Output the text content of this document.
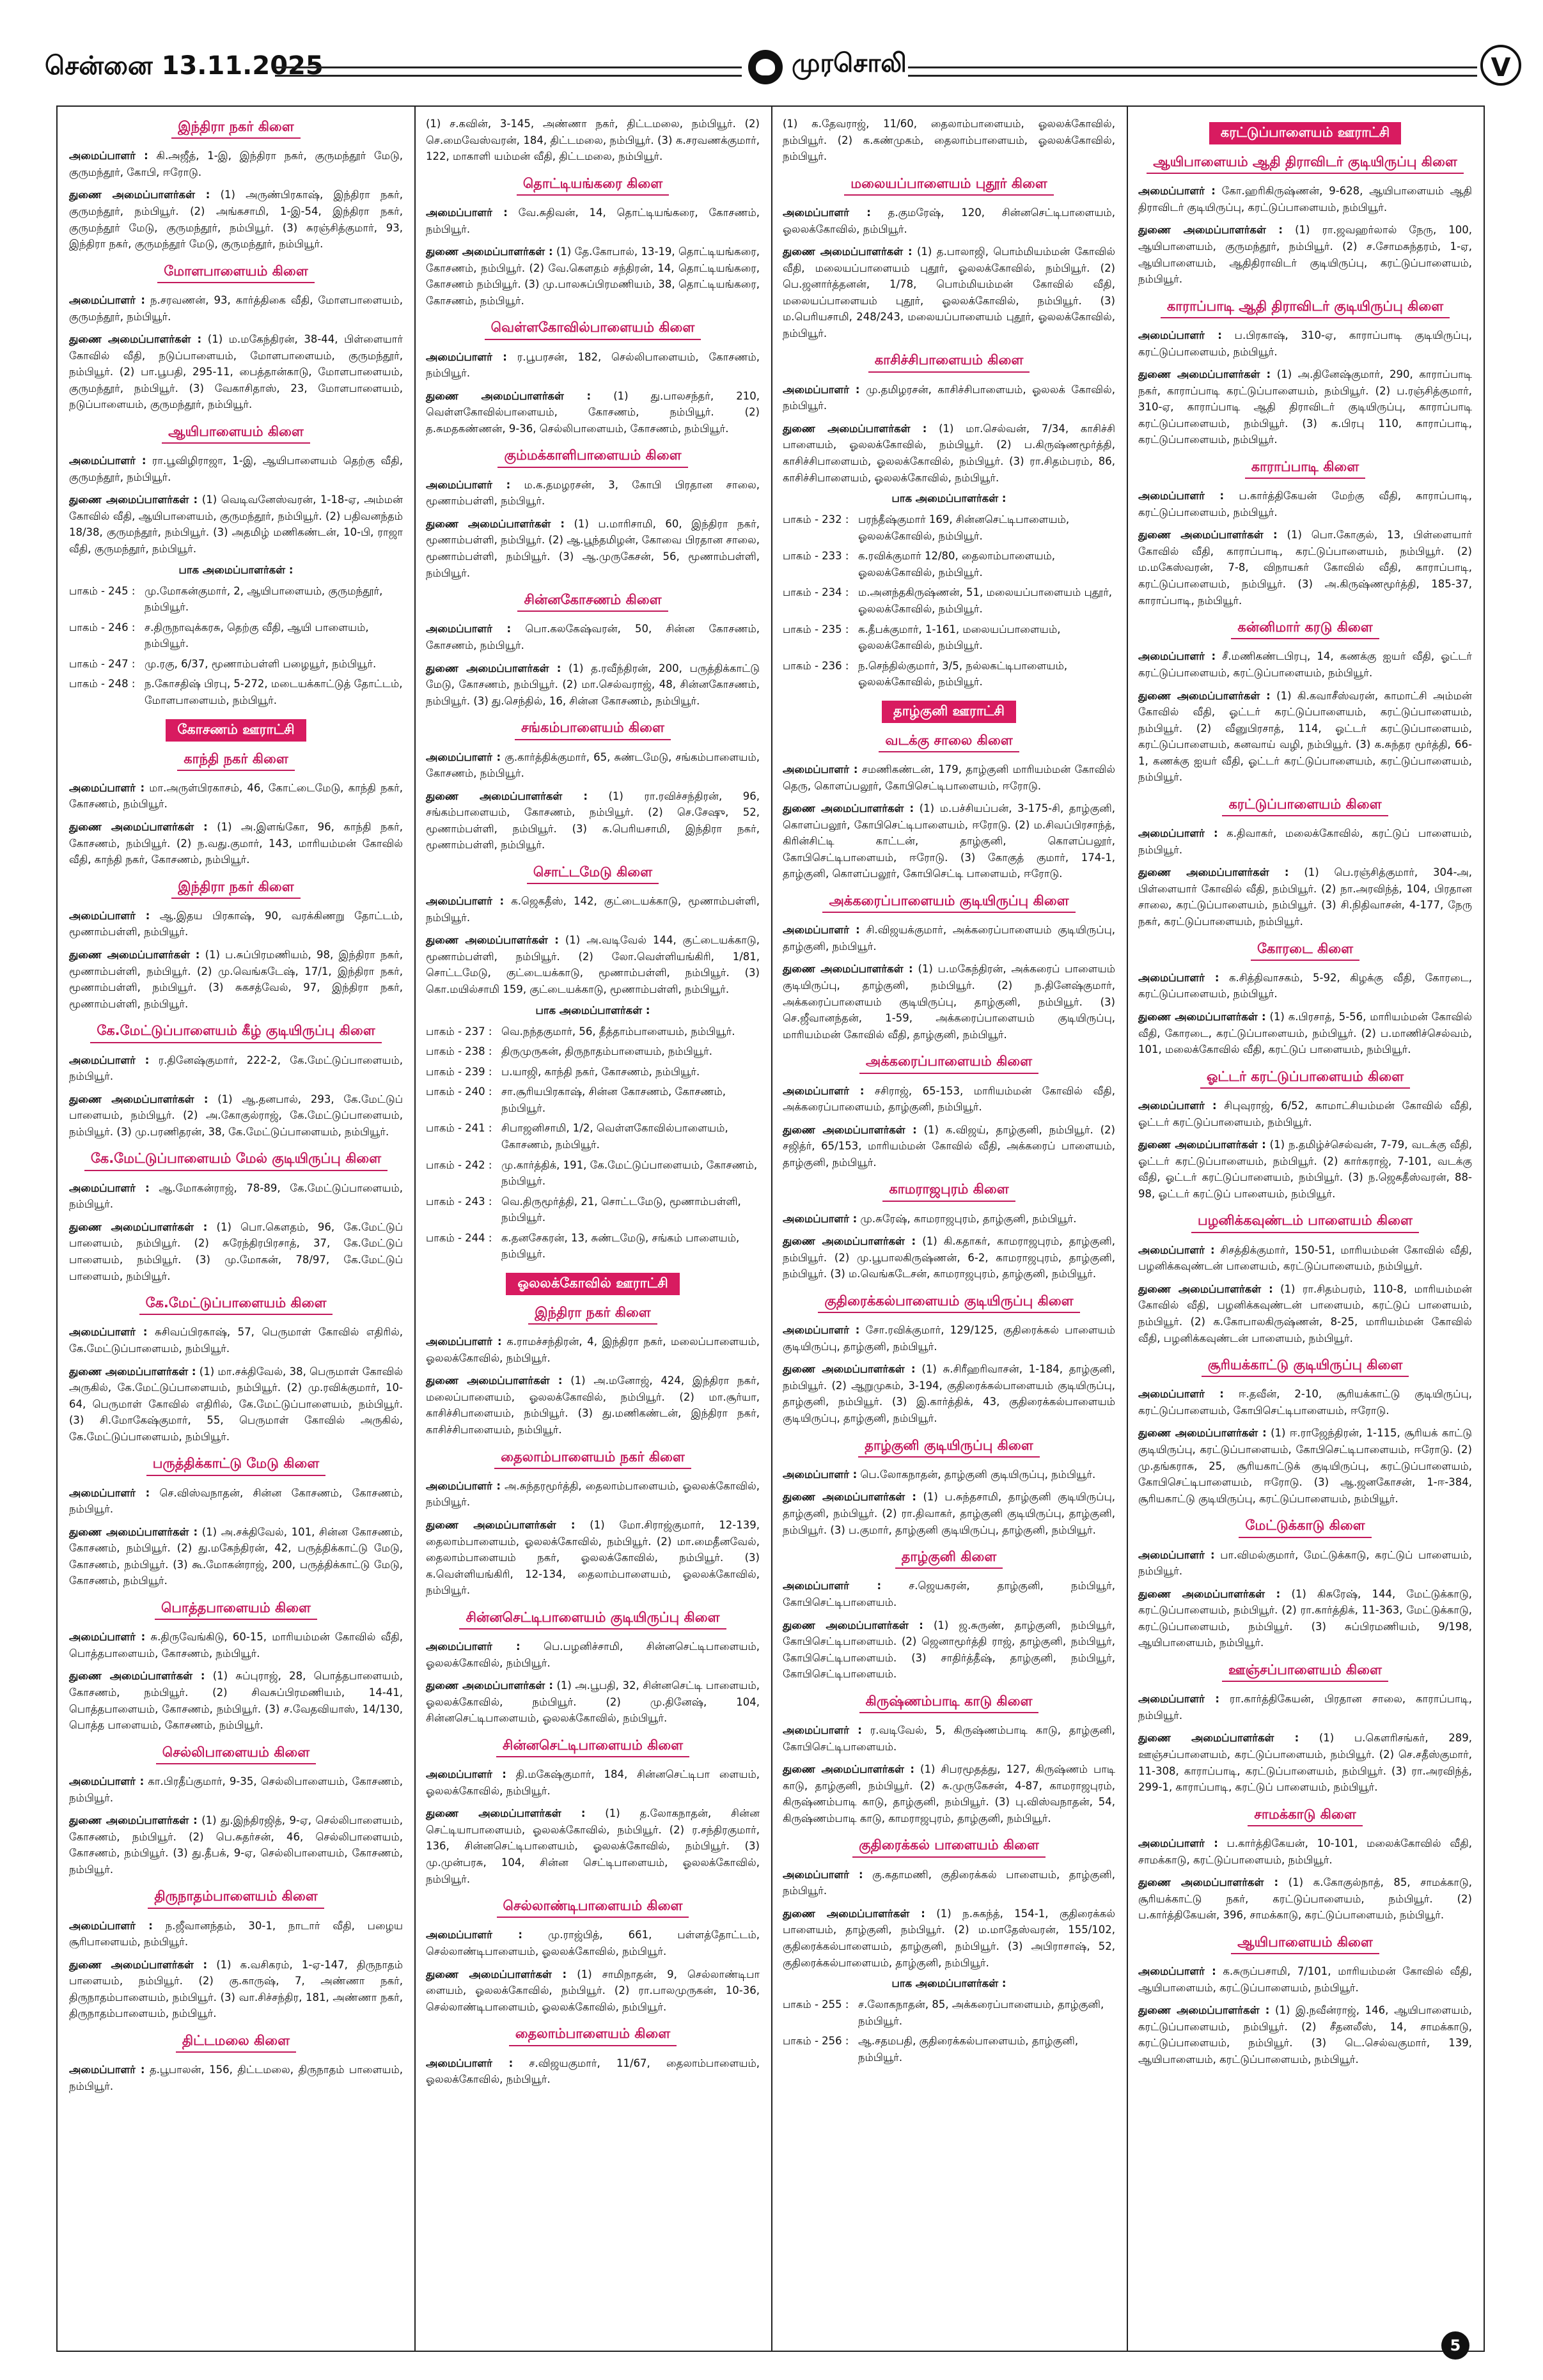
சென்னை 13.11.2025	முரசொலி	V
இந்திரா நகர் கிளை

அமைப்பாளர் : கி.அஜீத், 1-இ, இந்திரா நகர், குருமந்தூர் மேடு, குருமந்தூர், கோபி, ஈரோடு.

துணை அமைப்பாளர்கள் : (1) அருண்பிரகாஷ், இந்திரா நகர், குருமந்தூர், நம்பியூர். (2) அங்கசாமி, 1-இ-54, இந்திரா நகர், குருமந்தூர் மேடு, குருமந்தூர், நம்பியூர். (3) சுரஞ்சித்குமார், 93, இந்திரா நகர், குருமந்தூர் மேடு, குருமந்தூர், நம்பியூர்.

மோளபாளையம் கிளை

அமைப்பாளர் : ந.சரவணன், 93, கார்த்திகை வீதி, மோளபாளையம், குருமந்தூர், நம்பியூர்.

துணை அமைப்பாளர்கள் : (1) ம.மகேந்திரன், 38-44, பிள்ளையார் கோவில் வீதி, நடுப்பாளையம், மோளபாளையம், குருமந்தூர், நம்பியூர். (2) பா.பூபதி, 295-11, பைத்தான்காடு, மோளபாளையம், குருமந்தூர், நம்பியூர். (3) வேகாசிதாஸ், 23, மோளபாளையம், நடுப்பாளையம், குருமந்தூர், நம்பியூர்.

ஆயிபாளையம் கிளை

அமைப்பாளர் : ரா.பூவிழிராஜா, 1-இ, ஆயிபாளையம் தெற்கு வீதி, குருமந்தூர், நம்பியூர்.

துணை அமைப்பாளர்கள் : (1) வெடிவனேஸ்வரன், 1-18-ஏ, அம்மன் கோவில் வீதி, ஆயிபாளையம், குருமந்தூர், நம்பியூர். (2) பதிவனந்தம் 18/38, குருமந்தூர், நம்பியூர். (3) அதமிழ் மணிகண்டன், 10-பி, ராஜா வீதி, குருமந்தூர், நம்பியூர்.

பாக அமைப்பாளர்கள் :
பாகம் - 245 : மு.மோகன்குமார், 2, ஆயிபாளையம், குருமந்தூர், நம்பியூர்.
பாகம் - 246 : ச.திருநாவுக்கரசு, தெற்கு வீதி, ஆயி பாளையம், நம்பியூர்.
பாகம் - 247 : மு.ரகு, 6/37, மூணாம்பள்ளி பழையூர், நம்பியூர்.
பாகம் - 248 : ந.கோசதிஷ் பிரபு, 5-272, மடையக்காட்டுத் தோட்டம், மோளபாளையம், நம்பியூர்.
கோசணம் ஊராட்சி
காந்தி நகர் கிளை

அமைப்பாளர் : மா.அருள்பிரகாசம், 46, கோட்டைமேடு, காந்தி நகர், கோசணம், நம்பியூர்.

துணை அமைப்பாளர்கள் : (1) அ.இளங்கோ, 96, காந்தி நகர், கோசணம், நம்பியூர். (2) ந.வது.குமார், 143, மாரியம்மன் கோவில் வீதி, காந்தி நகர், கோசணம், நம்பியூர்.

இந்திரா நகர் கிளை

அமைப்பாளர் : ஆ.இதய பிரகாஷ், 90, வரக்கிணறு தோட்டம், மூணாம்பள்ளி, நம்பியூர்.

துணை அமைப்பாளர்கள் : (1) ப.சுப்பிரமணியம், 98, இந்திரா நகர், மூணாம்பள்ளி, நம்பியூர். (2) மு.வெங்கடேஷ், 17/1, இந்திரா நகர், மூணாம்பள்ளி, நம்பியூர். (3) சுகசத்வேல், 97, இந்திரா நகர், மூணாம்பள்ளி, நம்பியூர்.

கே.மேட்டுப்பாளையம் கீழ் குடியிருப்பு கிளை

அமைப்பாளர் : ர.தினேஷ்குமார், 222-2, கே.மேட்டுப்பாளையம், நம்பியூர்.

துணை அமைப்பாளர்கள் : (1) ஆ.தனபால், 293, கே.மேட்டுப் பாளையம், நம்பியூர். (2) அ.கோகுல்ராஜ், கே.மேட்டுப்பாளையம், நம்பியூர். (3) மு.பரணிதரன், 38, கே.மேட்டுப்பாளையம், நம்பியூர்.

கே.மேட்டுப்பாளையம் மேல் குடியிருப்பு கிளை

அமைப்பாளர் : ஆ.மோகன்ராஜ், 78-89, கே.மேட்டுப்பாளையம், நம்பியூர்.

துணை அமைப்பாளர்கள் : (1) பொ.கௌதம், 96, கே.மேட்டுப் பாளையம், நம்பியூர். (2) சுரேந்திரபிரசாத், 37, கே.மேட்டுப் பாளையம், நம்பியூர். (3) மு.மோகன், 78/97, கே.மேட்டுப் பாளையம், நம்பியூர்.

கே.மேட்டுப்பாளையம் கிளை

அமைப்பாளர் : சுசிவப்பிரகாஷ், 57, பெருமாள் கோவில் எதிரில், கே.மேட்டுப்பாளையம், நம்பியூர்.

துணை அமைப்பாளர்கள் : (1) மா.சக்திவேல், 38, பெருமாள் கோவில் அருகில், கே.மேட்டுப்பாளையம், நம்பியூர். (2) மு.ரவிக்குமார், 10-64, பெருமாள் கோவில் எதிரில், கே.மேட்டுப்பாளையம், நம்பியூர். (3) சி.மோகேஷ்குமார், 55, பெருமாள் கோவில் அருகில், கே.மேட்டுப்பாளையம், நம்பியூர்.

பருத்திக்காட்டு மேடு கிளை

அமைப்பாளர் : செ.விஸ்வநாதன், சின்ன கோசணம், கோசணம், நம்பியூர்.

துணை அமைப்பாளர்கள் : (1) அ.சக்திவேல், 101, சின்ன கோசணம், கோசணம், நம்பியூர். (2) து.மகேந்திரன், 42, பருத்திக்காட்டு மேடு, கோசணம், நம்பியூர். (3) கூ.மோகன்ராஜ், 200, பருத்திக்காட்டு மேடு, கோசணம், நம்பியூர்.

பொத்தபாளையம் கிளை

அமைப்பாளர் : சு.திருவேங்கிடு, 60-15, மாரியம்மன் கோவில் வீதி, பொத்தபாளையம், கோசணம், நம்பியூர்.

துணை அமைப்பாளர்கள் : (1) சுப்புராஜ், 28, பொத்தபாளையம், கோசணம், நம்பியூர். (2) சிவசுப்பிரமணியம், 14-41, பொத்தபாளையம், கோசணம், நம்பியூர். (3) ச.வேதவியாஸ், 14/130, பொத்த பாளையம், கோசணம், நம்பியூர்.

செல்லிபாளையம் கிளை

அமைப்பாளர் : கா.பிரதீப்குமார், 9-35, செல்லிபாளையம், கோசணம், நம்பியூர்.

துணை அமைப்பாளர்கள் : (1) து.இந்திரஜித், 9-ஏ, செல்லிபாளையம், கோசணம், நம்பியூர். (2) பெ.சுதர்சன், 46, செல்லிபாளையம், கோசணம், நம்பியூர். (3) து.தீபக், 9-ஏ, செல்லிபாளையம், கோசணம், நம்பியூர்.

திருநாதம்பாளையம் கிளை

அமைப்பாளர் : ந.ஜீவானந்தம், 30-1, நாடார் வீதி, பழைய சூரிபாளையம், நம்பியூர்.

துணை அமைப்பாளர்கள் : (1) க.வசிகரம், 1-ஏ-147, திருநாதம் பாளையம், நம்பியூர். (2) கு.காருஷ், 7, அண்ணா நகர், திருநாதம்பாளையம், நம்பியூர். (3) வா.சிச்சந்திர, 181, அண்ணா நகர், திருநாதம்பாளையம், நம்பியூர்.

திட்டமலை கிளை

அமைப்பாளர் : த.பூபாலன், 156, திட்டமலை, திருநாதம் பாளையம், நம்பியூர்.

(1) ச.கவின், 3-145, அண்ணா நகர், திட்டமலை, நம்பியூர். (2) செ.மைவேஸ்வரன், 184, திட்டமலை, நம்பியூர். (3) க.சரவணக்குமார், 122, மாகாளி யம்மன் வீதி, திட்டமலை, நம்பியூர்.

தொட்டியங்கரை கிளை

அமைப்பாளர் : வே.சுதிவன், 14, தொட்டியங்கரை, கோசணம், நம்பியூர்.

துணை அமைப்பாளர்கள் : (1) தே.கோபால், 13-19, தொட்டியங்கரை, கோசணம், நம்பியூர். (2) வே.கௌதம் சந்திரன், 14, தொட்டியங்கரை, கோசணம் நம்பியூர். (3) மு.பாலசுப்பிரமணியம், 38, தொட்டியங்கரை, கோசணம், நம்பியூர்.

வெள்ளகோவில்பாளையம் கிளை

அமைப்பாளர் : ர.பூபரசன், 182, செல்லிபாளையம், கோசணம், நம்பியூர்.

துணை அமைப்பாளர்கள் : (1) து.பாலசந்தர், 210, வெள்ளகோவில்பாளையம், கோசணம், நம்பியூர். (2) த.சுமதகண்ணன், 9-36, செல்லிபாளையம், கோசணம், நம்பியூர்.

கும்மக்காளிபாளையம் கிளை

அமைப்பாளர் : ம.க.தமழரசன், 3, கோபி பிரதான சாலை, மூணாம்பள்ளி, நம்பியூர்.

துணை அமைப்பாளர்கள் : (1) ப.மாரிசாமி, 60, இந்திரா நகர், மூணாம்பள்ளி, நம்பியூர். (2) ஆ.பூந்தமிழன், கோவை பிரதான சாலை, மூணாம்பள்ளி, நம்பியூர். (3) ஆ.முருகேசன், 56, மூணாம்பள்ளி, நம்பியூர்.

சின்னகோசணம் கிளை

அமைப்பாளர் : பொ.கலகேஷ்வரன், 50, சின்ன கோசணம், கோசணம், நம்பியூர்.

துணை அமைப்பாளர்கள் : (1) த.ரவீந்திரன், 200, பருத்திக்காட்டு மேடு, கோசணம், நம்பியூர். (2) மா.செல்வராஜ், 48, சின்னகோசணம், நம்பியூர். (3) து.செந்தில், 16, சின்ன கோசணம், நம்பியூர்.

சங்கம்பாளையம் கிளை

அமைப்பாளர் : கு.கார்த்திக்குமார், 65, சுண்டமேடு, சங்கம்பாளையம், கோசணம், நம்பியூர்.

துணை அமைப்பாளர்கள் : (1) ரா.ரவிச்சந்திரன், 96, சங்கம்பாளையம், கோசணம், நம்பியூர். (2) செ.சேஷு, 52, மூணாம்பள்ளி, நம்பியூர். (3) க.பெரியசாமி, இந்திரா நகர், மூணாம்பள்ளி, நம்பியூர்.

சொட்டமேடு கிளை

அமைப்பாளர் : க.ஜெகதீஸ், 142, குட்டையக்காடு, மூணாம்பள்ளி, நம்பியூர்.

துணை அமைப்பாளர்கள் : (1) அ.வடிவேல் 144, குட்டையக்காடு, மூணாம்பள்ளி, நம்பியூர். (2) லோ.வெள்ளியங்கிரி, 1/81, சொட்டமேடு, குட்டையக்காடு, மூணாம்பள்ளி, நம்பியூர். (3) கொ.மயில்சாமி 159, குட்டையக்காடு, மூணாம்பள்ளி, நம்பியூர்.

பாக அமைப்பாளர்கள் :
பாகம் - 237 : வெ.நந்தகுமார், 56, தீத்தாம்பாளையம், நம்பியூர்.
பாகம் - 238 : திருமுருகன், திருநாதம்பாளையம், நம்பியூர்.
பாகம் - 239 : ப.யாஜி, காந்தி நகர், கோசணம், நம்பியூர்.
பாகம் - 240 : சா.சூரியபிரகாஷ், சின்ன கோசணம், கோசணம், நம்பியூர்.
பாகம் - 241 : சிபாஜனிசாமி, 1/2, வெள்ளகோவில்பாளையம், கோசணம், நம்பியூர்.
பாகம் - 242 : மு.கார்த்திக், 191, கே.மேட்டுப்பாளையம், கோசணம், நம்பியூர்.
பாகம் - 243 : வெ.திருமூர்த்தி, 21, சொட்டமேடு, மூணாம்பள்ளி, நம்பியூர்.
பாகம் - 244 : க.தனசேகரன், 13, சுண்டமேடு, சங்கம் பாளையம், நம்பியூர்.
ஓலலக்கோவில் ஊராட்சி
இந்திரா நகர் கிளை

அமைப்பாளர் : க.ராமச்சந்திரன், 4, இந்திரா நகர், மலைப்பாளையம், ஓலலக்கோவில், நம்பியூர்.

துணை அமைப்பாளர்கள் : (1) அ.மனோஜ், 424, இந்திரா நகர், மலைப்பாளையம், ஓலலக்கோவில், நம்பியூர். (2) மா.சூர்யா, காசிச்சிபாளையம், நம்பியூர். (3) து.மணிகண்டன், இந்திரா நகர், காசிச்சிபாளையம், நம்பியூர்.

தைலாம்பாளையம் நகர் கிளை

அமைப்பாளர் : அ.சுந்தரமூர்த்தி, தைலாம்பாளையம், ஓலலக்கோவில், நம்பியூர்.

துணை அமைப்பாளர்கள் : (1) மோ.சிராஜ்குமார், 12-139, தைலாம்பாளையம், ஓலலக்கோவில், நம்பியூர். (2) மா.மைதீனவேல், தைலாம்பாளையம் நகர், ஓலலக்கோவில், நம்பியூர். (3) க.வெள்ளியங்கிரி, 12-134, தைலாம்பாளையம், ஓலலக்கோவில், நம்பியூர்.

சின்னசெட்டிபாளையம் குடியிருப்பு கிளை

அமைப்பாளர் : பெ.பழனிச்சாமி, சின்னசெட்டிபாளையம், ஓலலக்கோவில், நம்பியூர்.

துணை அமைப்பாளர்கள் : (1) அ.பூபதி, 32, சின்னசெட்டி பாளையம், ஓலலக்கோவில், நம்பியூர். (2) மு.தினேஷ், 104, சின்னசெட்டிபாளையம், ஓலலக்கோவில், நம்பியூர்.

சின்னசெட்டிபாளையம் கிளை

அமைப்பாளர் : தி.மகேஷ்குமார், 184, சின்னசெட்டிபா ளையம், ஓலலக்கோவில், நம்பியூர்.

துணை அமைப்பாளர்கள் : (1) த.லோகநாதன், சின்ன செட்டியாபாளையம், ஓலலக்கோவில், நம்பியூர். (2) ர.சந்திரகுமார், 136, சின்னசெட்டிபாளையம், ஓலலக்கோவில், நம்பியூர். (3) மு.முன்பரசு, 104, சின்ன செட்டிபாளையம், ஓலலக்கோவில், நம்பியூர்.

செல்லாண்டிபாளையம் கிளை

அமைப்பாளர் : மு.ராஜ்பித், 661, பள்ளத்தோட்டம், செல்லாண்டிபாளையம், ஓலலக்கோவில், நம்பியூர்.

துணை அமைப்பாளர்கள் : (1) சாமிநாதன், 9, செல்லாண்டிபா ளையம், ஓலலக்கோவில், நம்பியூர். (2) ரா.பாலமுருகன், 10-36, செல்லாண்டிபாளையம், ஓலலக்கோவில், நம்பியூர்.

தைலாம்பாளையம் கிளை

அமைப்பாளர் : ச.விஜயகுமார், 11/67, தைலாம்பாளையம், ஓலலக்கோவில், நம்பியூர்.

(1) க.தேவராஜ், 11/60, தைலாம்பாளையம், ஓலலக்கோவில், நம்பியூர். (2) க.கண்முகம், தைலாம்பாளையம், ஓலலக்கோவில், நம்பியூர்.

மலையப்பாளையம் புதூர் கிளை

அமைப்பாளர் : த.குமரேஷ், 120, சின்னசெட்டிபாளையம், ஓலலக்கோவில், நம்பியூர்.

துணை அமைப்பாளர்கள் : (1) த.பாலாஜி, பொம்மியம்மன் கோவில் வீதி, மலையப்பாளையம் புதூர், ஓலலக்கோவில், நம்பியூர். (2) பெ.ஜனார்த்தனன், 1/78, பொம்மியம்மன் கோவில் வீதி, மலையப்பாளையம் புதூர், ஓலலக்கோவில், நம்பியூர். (3) ம.பெரியசாமி, 248/243, மலையப்பாளையம் புதூர், ஓலலக்கோவில், நம்பியூர்.

காசிச்சிபாளையம் கிளை

அமைப்பாளர் : மு.தமிழரசன், காசிச்சிபாளையம், ஓலலக் கோவில், நம்பியூர்.

துணை அமைப்பாளர்கள் : (1) மா.செல்வன், 7/34, காசிச்சி பாளையம், ஓலலக்கோவில், நம்பியூர். (2) ப.கிருஷ்ணமூர்த்தி, காசிச்சிபாளையம், ஓலலக்கோவில், நம்பியூர். (3) ரா.சிதம்பரம், 86, காசிச்சிபாளையம், ஓலலக்கோவில், நம்பியூர்.

பாக அமைப்பாளர்கள் :
பாகம் - 232 : பரந்தீஷ்குமார் 169, சின்னசெட்டிபாளையம், ஓலலக்கோவில், நம்பியூர்.
பாகம் - 233 : க.ரவிக்குமார் 12/80, தைலாம்பாளையம், ஓலலக்கோவில், நம்பியூர்.
பாகம் - 234 : ம.அனந்தகிருஷ்ணன், 51, மலையப்பாளையம் புதூர், ஓலலக்கோவில், நம்பியூர்.
பாகம் - 235 : க.தீபக்குமார், 1-161, மலையப்பாளையம், ஓலலக்கோவில், நம்பியூர்.
பாகம் - 236 : ந.செந்தில்குமார், 3/5, நல்லகட்டிபாளையம், ஓலலக்கோவில், நம்பியூர்.
தாழ்குனி ஊராட்சி
வடக்கு சாலை கிளை

அமைப்பாளர் : சமணிகண்டன், 179, தாழ்குனி மாரியம்மன் கோவில் தெரு, கொளப்பலூர், கோபிசெட்டிபாளையம், ஈரோடு.

துணை அமைப்பாளர்கள் : (1) ம.பச்சியப்பன், 3-175-சி, தாழ்குனி, கொளப்பலூர், கோபிசெட்டிபாளையம், ஈரோடு. (2) ம.சிவப்பிரசாந்த், கிரின்சிட்டி காட்டன், தாழ்குனி, கொளப்பலூர், கோபிசெட்டிபாளையம், ஈரோடு. (3) கோகுத் குமார், 174-1, தாழ்குனி, கொளப்பலூர், கோபிசெட்டி பாளையம், ஈரோடு.

அக்கரைப்பாளையம் குடியிருப்பு கிளை

அமைப்பாளர் : சி.விஜயக்குமார், அக்கரைப்பாளையம் குடியிருப்பு, தாழ்குனி, நம்பியூர்.

துணை அமைப்பாளர்கள் : (1) ப.மகேந்திரன், அக்கரைப் பாளையம் குடியிருப்பு, தாழ்குனி, நம்பியூர். (2) ந.தினேஷ்குமார், அக்கரைப்பாளையம் குடியிருப்பு, தாழ்குனி, நம்பியூர். (3) செ.ஜீவானந்தன், 1-59, அக்கரைப்பாளையம் குடியிருப்பு, மாரியம்மன் கோவில் வீதி, தாழ்குனி, நம்பியூர்.

அக்கரைப்பாளையம் கிளை

அமைப்பாளர் : சசிராஜ், 65-153, மாரியம்மன் கோவில் வீதி, அக்கரைப்பாளையம், தாழ்குனி, நம்பியூர்.

துணை அமைப்பாளர்கள் : (1) க.விஜய், தாழ்குனி, நம்பியூர். (2) சஜித்ர், 65/153, மாரியம்மன் கோவில் வீதி, அக்கரைப் பாளையம், தாழ்குனி, நம்பியூர்.

காமராஜபுரம் கிளை

அமைப்பாளர் : மு.சுரேஷ், காமராஜபுரம், தாழ்குனி, நம்பியூர்.

துணை அமைப்பாளர்கள் : (1) கி.கதாகர், காமராஜபுரம், தாழ்குனி, நம்பியூர். (2) மு.பூபாலகிருஷ்ணன், 6-2, காமராஜபுரம், தாழ்குனி, நம்பியூர். (3) ம.வெங்கடேசன், காமராஜபுரம், தாழ்குனி, நம்பியூர்.

குதிரைக்கல்பாளையம் குடியிருப்பு கிளை

அமைப்பாளர் : சோ.ரவிக்குமார், 129/125, குதிரைக்கல் பாளையம் குடியிருப்பு, தாழ்குனி, நம்பியூர்.

துணை அமைப்பாளர்கள் : (1) சு.சிரீஹரிவாசன், 1-184, தாழ்குனி, நம்பியூர். (2) ஆறுமுகம், 3-194, குதிரைக்கல்பாளையம் குடியிருப்பு, தாழ்குனி, நம்பியூர். (3) இ.கார்த்திக், 43, குதிரைக்கல்பாளையம் குடியிருப்பு, தாழ்குனி, நம்பியூர்.

தாழ்குனி குடியிருப்பு கிளை

அமைப்பாளர் : பெ.லோகநாதன், தாழ்குனி குடியிருப்பு, நம்பியூர்.

துணை அமைப்பாளர்கள் : (1) ப.சுந்தசாமி, தாழ்குனி குடியிருப்பு, தாழ்குனி, நம்பியூர். (2) ரா.திவாகர், தாழ்குனி குடியிருப்பு, தாழ்குனி, நம்பியூர். (3) ப.குமார், தாழ்குனி குடியிருப்பு, தாழ்குனி, நம்பியூர்.

தாழ்குனி கிளை

அமைப்பாளர் :	ச.ஜெயகரன், தாழ்குனி, நம்பியூர், கோபிசெட்டிபாளையம்.

துணை அமைப்பாளர்கள் : (1) ஜ.சுருண், தாழ்குனி, நம்பியூர், கோபிசெட்டிபாளையம். (2) ஜெனாமூர்த்தி ராஜ், தாழ்குனி, நம்பியூர், கோபிசெட்டிபாளையம். (3) சாதிர்த்தீஷ், தாழ்குனி, நம்பியூர், கோபிசெட்டிபாளையம்.

கிருஷ்ணம்பாடி காடு கிளை

அமைப்பாளர் : ர.வடிவேல், 5, கிருஷ்ணம்பாடி காடு, தாழ்குனி, கோபிசெட்டிபாளையம்.

துணை அமைப்பாளர்கள் : (1) சிபரமூதத்து, 127, கிருஷ்ணம் பாடி காடு, தாழ்குனி, நம்பியூர். (2) சு.முருகேசன், 4-87, காமராஜபுரம், கிருஷ்ணம்பாடி காடு, தாழ்குனி, நம்பியூர். (3) பு.விஸ்வநாதன், 54, கிருஷ்ணம்பாடி காடு, காமராஜபுரம், தாழ்குனி, நம்பியூர்.

குதிரைக்கல் பாளையம் கிளை

அமைப்பாளர் : கு.கதாமணி, குதிரைக்கல் பாளையம், தாழ்குனி, நம்பியூர்.

துணை அமைப்பாளர்கள் : (1) ந.சுகந்த், 154-1, குதிரைக்கல் பாளையம், தாழ்குனி, நம்பியூர். (2) ம.மாதேஸ்வரன், 155/102, குதிரைக்கல்பாளையம், தாழ்குனி, நம்பியூர். (3) அபிராசாஷ், 52, குதிரைக்கல்பாளையம், தாழ்குனி, நம்பியூர்.

பாக அமைப்பாளர்கள் :
பாகம் - 255 : ச.லோகநாதன், 85, அக்கரைப்பாளையம், தாழ்குனி, நம்பியூர்.
பாகம் - 256 : ஆ.சதமபதி, குதிரைக்கல்பாளையம், தாழ்குனி, நம்பியூர்.
கரட்டுப்பாளையம் ஊராட்சி
ஆயிபாளையம் ஆதி திராவிடர் குடியிருப்பு கிளை

அமைப்பாளர் : கோ.ஹரிகிருஷ்ணன், 9-628, ஆயிபாளையம் ஆதி திராவிடர் குடியிருப்பு, கரட்டுப்பாளையம், நம்பியூர்.

துணை அமைப்பாளர்கள் : (1) ரா.ஜவஹர்லால் நேரு, 100, ஆயிபாளையம், குருமந்தூர், நம்பியூர். (2) ச.சோமசுந்தரம், 1-ஏ, ஆயிபாளையம், ஆதிதிராவிடர் குடியிருப்பு, கரட்டுப்பாளையம், நம்பியூர்.

காராப்பாடி ஆதி திராவிடர் குடியிருப்பு கிளை

அமைப்பாளர் : ப.பிரகாஷ், 310-ஏ, காராப்பாடி குடியிருப்பு, கரட்டுப்பாளையம், நம்பியூர்.

துணை அமைப்பாளர்கள் : (1) அ.தினேஷ்குமார், 290, காராப்பாடி நகர், காராப்பாடி கரட்டுப்பாளையம், நம்பியூர். (2) ப.ரஞ்சித்குமார், 310-ஏ, காராப்பாடி ஆதி திராவிடர் குடியிருப்பு, காராப்பாடி கரட்டுப்பாளையம், நம்பியூர். (3) க.பிரபு 110, காராப்பாடி, கரட்டுப்பாளையம், நம்பியூர்.

காராப்பாடி கிளை

அமைப்பாளர் : ப.கார்த்திகேயன் மேற்கு வீதி, காராப்பாடி, கரட்டுப்பாளையம், நம்பியூர்.

துணை அமைப்பாளர்கள் : (1) பொ.கோகுல், 13, பிள்ளையார் கோவில் வீதி, காராப்பாடி, கரட்டுப்பாளையம், நம்பியூர். (2) ம.மகேஸ்வரன், 7-8, விநாயகர் கோவில் வீதி, காராப்பாடி, கரட்டுப்பாளையம், நம்பியூர். (3) அ.கிருஷ்ணமூர்த்தி, 185-37, காராப்பாடி, நம்பியூர்.

கன்னிமார் கரடு கிளை

அமைப்பாளர் : சீ.மணிகண்டபிரபு, 14, கணக்கு ஐயர் வீதி, ஓட்டர் கரட்டுப்பாளையம், கரட்டுப்பாளையம், நம்பியூர்.

துணை அமைப்பாளர்கள் : (1) கி.கவாசீஸ்வரன், காமாட்சி அம்மன் கோவில் வீதி, ஓட்டர் கரட்டுப்பாளையம், கரட்டுப்பாளையம், நம்பியூர். (2) வீனுபிரசாத், 114, ஓட்டர் கரட்டுப்பாளையம், கரட்டுப்பாளையம், கனவாய் வழி, நம்பியூர். (3) க.சுந்தர மூர்த்தி, 66-1, கணக்கு ஐயர் வீதி, ஓட்டர் கரட்டுப்பாளையம், கரட்டுப்பாளையம், நம்பியூர்.

கரட்டுப்பாளையம் கிளை

அமைப்பாளர் : க.திவாகர், மலைக்கோவில், கரட்டுப் பாளையம், நம்பியூர்.

துணை அமைப்பாளர்கள் : (1) பெ.ரஞ்சித்குமார், 304-அ, பிள்ளையார் கோவில் வீதி, நம்பியூர். (2) நா.அரவிந்த், 104, பிரதான சாலை, கரட்டுப்பாளையம், நம்பியூர். (3) சி.நிதிவாசன், 4-177, நேரு நகர், கரட்டுப்பாளையம், நம்பியூர்.

கோரடை கிளை

அமைப்பாளர் : க.சித்திவாசகம், 5-92, கிழக்கு வீதி, கோரடை, கரட்டுப்பாளையம், நம்பியூர்.

துணை அமைப்பாளர்கள் : (1) க.பிரசாத், 5-56, மாரியம்மன் கோவில் வீதி, கோரடை, கரட்டுப்பாளையம், நம்பியூர். (2) ப.மாணிச்செல்வம், 101, மலைக்கோவில் வீதி, கரட்டுப் பாளையம், நம்பியூர்.

ஓட்டர் கரட்டுப்பாளையம் கிளை

அமைப்பாளர் : சிபுவுராஜ், 6/52, காமாட்சியம்மன் கோவில் வீதி, ஓட்டர் கரட்டுப்பாளையம், நம்பியூர்.

துணை அமைப்பாளர்கள் : (1) ந.தமிழ்ச்செல்வன், 7-79, வடக்கு வீதி, ஓட்டர் கரட்டுப்பாளையம், நம்பியூர். (2) கார்கராஜ், 7-101, வடக்கு வீதி, ஓட்டர் கரட்டுப்பாளையம், நம்பியூர். (3) ந.ஜெகதீஸ்வரன், 88-98, ஓட்டர் கரட்டுப் பாளையம், நம்பியூர்.

பழனிக்கவுண்டம் பாளையம் கிளை

அமைப்பாளர் : சிசத்திக்குமார், 150-51, மாரியம்மன் கோவில் வீதி, பழனிக்கவுண்டன் பாளையம், கரட்டுப்பாளையம், நம்பியூர்.

துணை அமைப்பாளர்கள் : (1) ரா.சிதம்பரம், 110-8, மாரியம்மன் கோவில் வீதி, பழனிக்கவுண்டன் பாளையம், கரட்டுப் பாளையம், நம்பியூர். (2) க.கோபாலகிருஷ்ணன், 8-25, மாரியம்மன் கோவில் வீதி, பழனிக்கவுண்டன் பாளையம், நம்பியூர்.

சூரியக்காட்டு குடியிருப்பு கிளை

அமைப்பாளர் : ஈ.தவீன், 2-10, சூரியக்காட்டு குடியிருப்பு, கரட்டுப்பாளையம், கோபிசெட்டிபாளையம், ஈரோடு.

துணை அமைப்பாளர்கள் : (1) ஈ.ராஜேந்திரன், 1-115, சூரியக் காட்டு குடியிருப்பு, கரட்டுப்பாளையம், கோபிசெட்டிபாளையம், ஈரோடு. (2) மு.தங்கராசு, 25, சூரியகாட்டுக் குடியிருப்பு, கரட்டுப்பாளையம், கோபிசெட்டிபாளையம், ஈரோடு. (3) ஆ.ஜனகோசன், 1-ஈ-384, சூரியகாட்டு குடியிருப்பு, கரட்டுப்பாளையம், நம்பியூர்.

மேட்டுக்காடு கிளை

அமைப்பாளர் : பா.விமல்குமார், மேட்டுக்காடு, கரட்டுப் பாளையம், நம்பியூர்.

துணை அமைப்பாளர்கள் : (1) கிசுரேஷ், 144, மேட்டுக்காடு, கரட்டுப்பாளையம், நம்பியூர். (2) ரா.கார்த்திக், 11-363, மேட்டுக்காடு, கரட்டுப்பாளையம், நம்பியூர். (3) சுப்பிரமணியம், 9/198, ஆயிபாளையம், நம்பியூர்.

ஊஞ்சப்பாளையம் கிளை

அமைப்பாளர் : ரா.கார்த்திகேயன், பிரதான சாலை, காராப்பாடி, நம்பியூர்.

துணை அமைப்பாளர்கள் : (1) ப.கௌரிசங்கர், 289, ஊஞ்சப்பாளையம், கரட்டுப்பாளையம், நம்பியூர். (2) செ.சதீஸ்குமார், 11-308, காராப்பாடி, கரட்டுப்பாளையம், நம்பியூர். (3) ரா.அரவிந்த், 299-1, காராப்பாடி, கரட்டுப் பாளையம், நம்பியூர்.

சாமக்காடு கிளை

அமைப்பாளர் : ப.கார்த்திகேயன், 10-101, மலைக்கோவில் வீதி, சாமக்காடு, கரட்டுப்பாளையம், நம்பியூர்.

துணை அமைப்பாளர்கள் : (1) க.கோகுல்நாத், 85, சாமக்காடு, சூரியக்காட்டு நகர், கரட்டுப்பாளையம், நம்பியூர். (2) ப.கார்த்திகேயன், 396, சாமக்காடு, கரட்டுப்பாளையம், நம்பியூர்.

ஆயிபாளையம் கிளை

அமைப்பாளர் : க.சுருப்பசாமி, 7/101, மாரியம்மன் கோவில் வீதி, ஆயிபாளையம், கரட்டுப்பாளையம், நம்பியூர்.

துணை அமைப்பாளர்கள் : (1) இ.நவீன்ராஜ், 146, ஆயிபாளையம், கரட்டுப்பாளையம், நம்பியூர். (2) சீதனலீஸ், 14, சாமக்காடு, கரட்டுப்பாளையம், நம்பியூர். (3) டெ.செல்வகுமார், 139, ஆயிபாளையம், கரட்டுப்பாளையம், நம்பியூர்.

5
